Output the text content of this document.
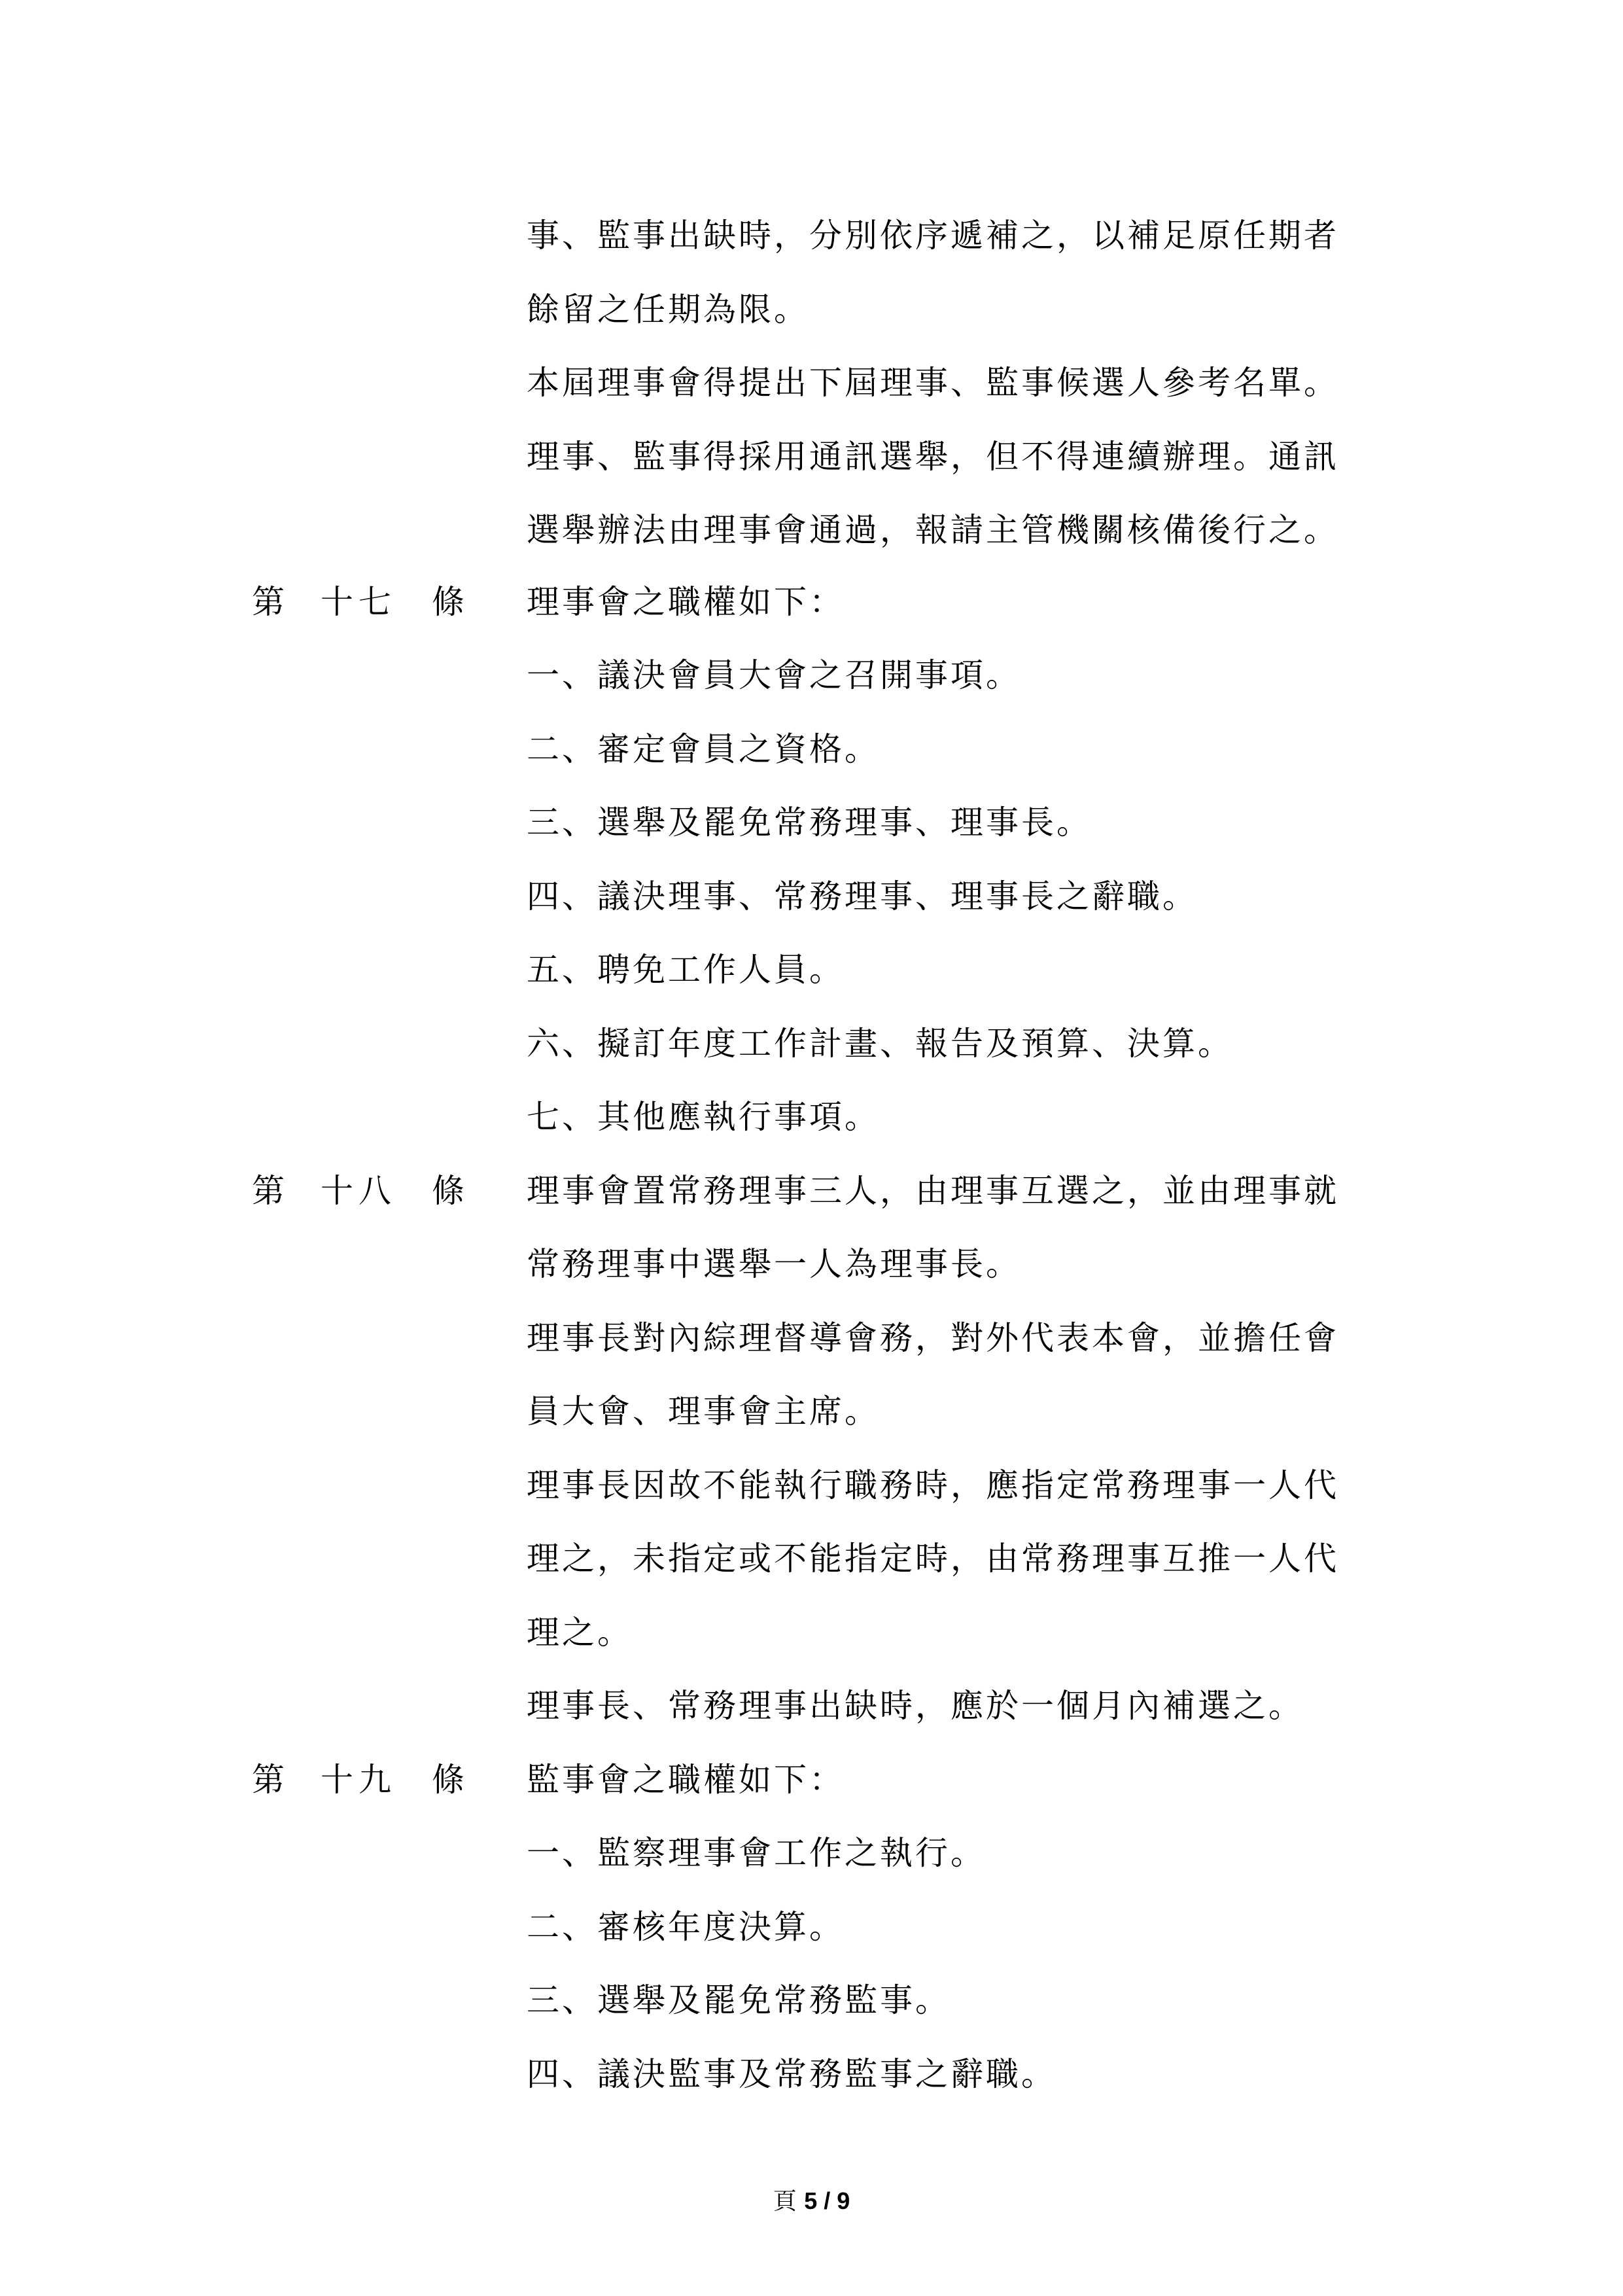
事、監事出缺時，分別依序遞補之，以補足原任期者
餘留之任期為限。
本屆理事會得提出下屆理事、監事候選人參考名單。
理事、監事得採用通訊選舉，但不得連續辦理。通訊
選舉辦法由理事會通過，報請主管機關核備後行之。
第 十七 條 理事會之職權如下：
一、議決會員大會之召開事項。
二、審定會員之資格。
三、選舉及罷免常務理事、理事長。
四、議決理事、常務理事、理事長之辭職。
五、聘免工作人員。
六、擬訂年度工作計畫、報告及預算、決算。
七、其他應執行事項。
第 十八 條 理事會置常務理事三人，由理事互選之，並由理事就
常務理事中選舉一人為理事長。
理事長對內綜理督導會務，對外代表本會，並擔任會
員大會、理事會主席。
理事長因故不能執行職務時，應指定常務理事一人代
理之，未指定或不能指定時，由常務理事互推一人代
理之。
理事長、常務理事出缺時，應於一個月內補選之。
第 十九 條 監事會之職權如下：
一、監察理事會工作之執行。
二、審核年度決算。
三、選舉及罷免常務監事。
四、議決監事及常務監事之辭職。
頁 5 / 9
